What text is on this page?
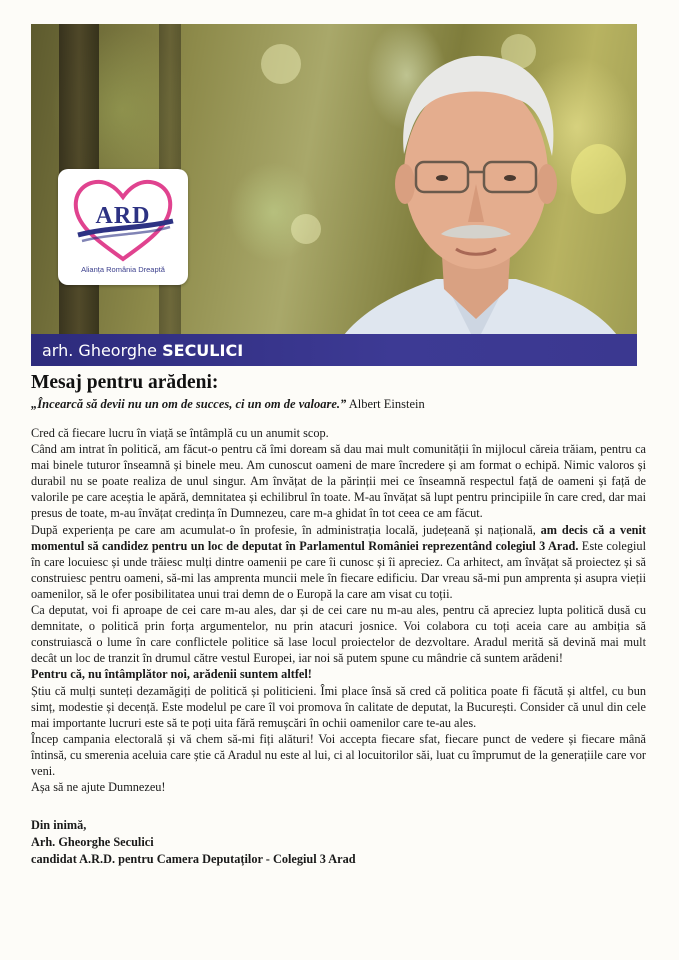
ARD
Alianța România Dreaptă
arh. Gheorghe SECULICI
Mesaj pentru arădeni:
„Încearcă să devii nu un om de succes, ci un om de valoare.” Albert Einstein

Cred că fiecare lucru în viață se întâmplă cu un anumit scop.

Când am intrat în politică, am făcut-o pentru că îmi doream să dau mai mult comunității în mijlocul căreia trăiam, pentru ca mai binele tuturor înseamnă și binele meu. Am cunoscut oameni de mare încredere și am format o echipă. Nimic valoros și durabil nu se poate realiza de unul singur. Am învățat de la părinții mei ce înseamnă respectul față de oameni și față de valorile pe care aceștia le apără, demnitatea și echilibrul în toate. M-au învățat să lupt pentru principiile în care cred, dar mai presus de toate, m-au învățat credința în Dumnezeu, care m-a ghidat în tot ceea ce am făcut.

După experiența pe care am acumulat-o în profesie, în administrația locală, județeană și națională, am decis că a venit momentul să candidez pentru un loc de deputat în Parlamentul României reprezentând colegiul 3 Arad. Este colegiul în care locuiesc și unde trăiesc mulți dintre oamenii pe care îi cunosc și îi apreciez. Ca arhitect, am învățat să proiectez și să construiesc pentru oameni, să-mi las amprenta muncii mele în fiecare edificiu. Dar vreau să-mi pun amprenta și asupra vieții oamenilor, să le ofer posibilitatea unui trai demn de o Europă la care am visat cu toții.

Ca deputat, voi fi aproape de cei care m-au ales, dar și de cei care nu m-au ales, pentru că apreciez lupta politică dusă cu demnitate, o politică prin forța argumentelor, nu prin atacuri josnice. Voi colabora cu toți aceia care au ambiția să construiască o lume în care conflictele politice să lase locul proiectelor de dezvoltare. Aradul merită să devină mai mult decât un loc de tranzit în drumul către vestul Europei, iar noi să putem spune cu mândrie că suntem arădeni!

Pentru că, nu întâmplător noi, arădenii suntem altfel!

Știu că mulți sunteți dezamăgiți de politică și politicieni. Îmi place însă să cred că politica poate fi făcută și altfel, cu bun simț, modestie și decență. Este modelul pe care îl voi promova în calitate de deputat, la București. Consider că unul din cele mai importante lucruri este să te poți uita fără remușcări în ochii oamenilor care te-au ales.

Încep campania electorală și vă chem să-mi fiți alături! Voi accepta fiecare sfat, fiecare punct de vedere și fiecare mână întinsă, cu smerenia aceluia care știe că Aradul nu este al lui, ci al locuitorilor săi, luat cu împrumut de la generațiile care vor veni.

Așa să ne ajute Dumnezeu!

Din inimă,
Arh. Gheorghe Seculici
candidat A.R.D. pentru Camera Deputaților - Colegiul 3 Arad
